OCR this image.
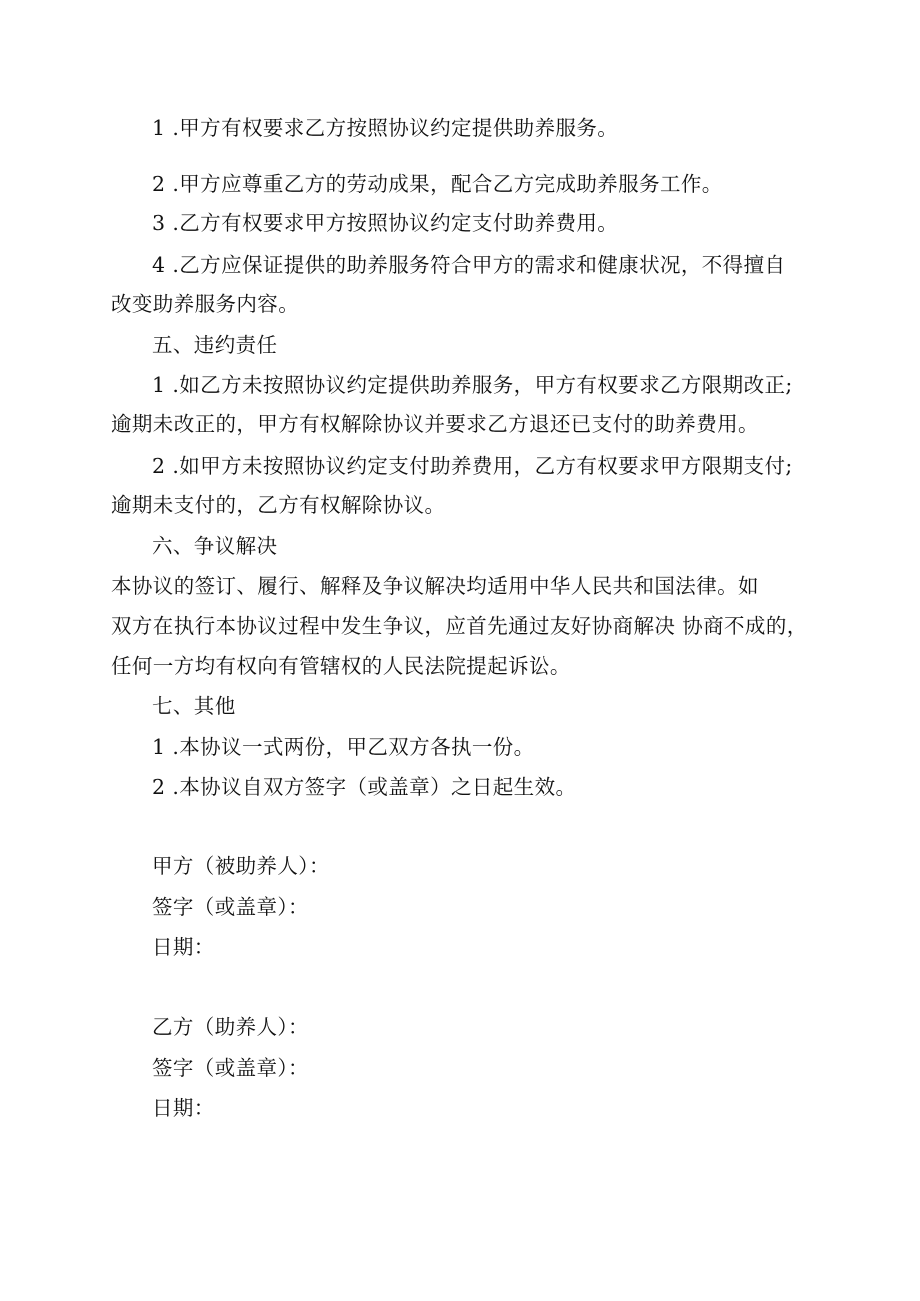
1 .甲方有权要求乙方按照协议约定提供助养服务。
2 .甲方应尊重乙方的劳动成果，配合乙方完成助养服务工作。
3 .乙方有权要求甲方按照协议约定支付助养费用。
4 .乙方应保证提供的助养服务符合甲方的需求和健康状况，不得擅自
改变助养服务内容。
五、违约责任
1 .如乙方未按照协议约定提供助养服务，甲方有权要求乙方限期改正;
逾期未改正的，甲方有权解除协议并要求乙方退还已支付的助养费用。
2 .如甲方未按照协议约定支付助养费用，乙方有权要求甲方限期支付;
逾期未支付的，乙方有权解除协议。
六、争议解决
本协议的签订、履行、解释及争议解决均适用中华人民共和国法律。如
双方在执行本协议过程中发生争议，应首先通过友好协商解决 协商不成的，
任何一方均有权向有管辖权的人民法院提起诉讼。
七、其他
1 .本协议一式两份，甲乙双方各执一份。
2 .本协议自双方签字（或盖章）之日起生效。
甲方（被助养人）：
签字（或盖章）：
日期：
乙方（助养人）：
签字（或盖章）：
日期：
